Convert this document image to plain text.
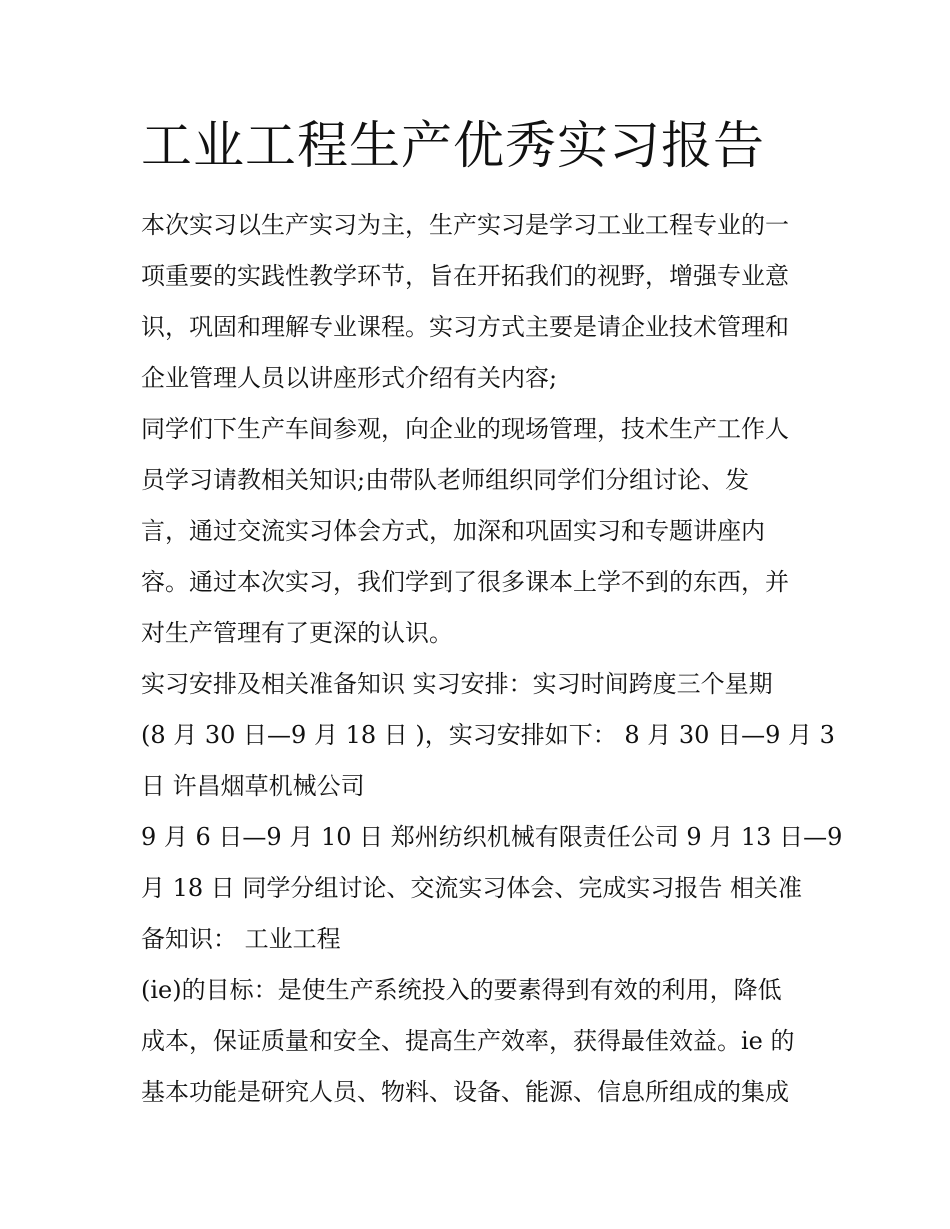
工业工程生产优秀实习报告
本次实习以生产实习为主，生产实习是学习工业工程专业的一
项重要的实践性教学环节，旨在开拓我们的视野，增强专业意
识，巩固和理解专业课程。实习方式主要是请企业技术管理和
企业管理人员以讲座形式介绍有关内容;
同学们下生产车间参观，向企业的现场管理，技术生产工作人
员学习请教相关知识;由带队老师组织同学们分组讨论、发
言，通过交流实习体会方式，加深和巩固实习和专题讲座内
容。通过本次实习，我们学到了很多课本上学不到的东西，并
对生产管理有了更深的认识。
实习安排及相关准备知识 实习安排：实习时间跨度三个星期
(8 月 30 日—9 月 18 日 )，实习安排如下： 8 月 30 日—9 月 3
日 许昌烟草机械公司
9 月 6 日—9 月 10 日 郑州纺织机械有限责任公司 9 月 13 日—9
月 18 日 同学分组讨论、交流实习体会、完成实习报告 相关准
备知识： 工业工程
(ie)的目标：是使生产系统投入的要素得到有效的利用，降低
成本，保证质量和安全、提高生产效率，获得最佳效益。ie 的
基本功能是研究人员、物料、设备、能源、信息所组成的集成
